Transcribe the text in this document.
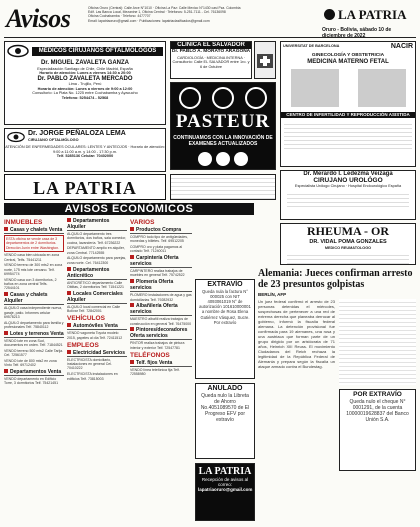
Avisos	Oficina Oruro (Central): Calle Arce N°1010 · Oficina La Paz: Calle Mexico N°1430 casi Pza. Colombia
Edif. Las Banca Local, Mezanine 1, Oficina Central · Telefonos: 5-251-7111 - Cel. 76136098
Oficina Cochabamba · Telefono: 4477707
Email: lapatriaoruro@gmail.com · Publicaciones: lapatriaclasificados@gmail.com	LA PATRIA
Oruro - Bolivia, sábado 10 de diciembre de 2022
MÉDICOS CIRUJANOS OFTALMÓLOGOS
Dr. MIGUEL ZAVALETA GANZA
Especialización Santiago de Chile, Chile Madrid, España
Horario de atención: Lunes a viernes 14:30 a 20:00
Dr. PABLO ZAVALETA MERCADO
Lima - Trujillo, Perú
Horario de atención: Lunes a viernes de 9:00 a 12:00
Consultorio: La Plata No. 1225 entre Cochabamba y Ayacucho
Telefono: 5254474 - 52568
Dr. JORGE PEÑALOZA LEMA
CIRUJANO OFTALMÓLOGO
ATENCIÓN DE ENFERMEDADES OCULARES: LENTES Y ANTEOJOS · Horario de atención: 9:00 a 11:00 a.m. y 14:00 - 17:30 p.m.
Telf. 5285136 Celular: 70402000
CLINICA EL SALVADOR
Dr. PABLO A. MORATO ARAGONA
CARDIOLOGÍA · MEDICINA INTERNA · Consultorio: Calle EL SALVADOR entre 1ro. y 6 de Octubre
PASTEUR
CONTINUAMOS CON LA INNOVACIÓN DE EXAMENES ACTUALIZADOS
UNIVERSITAT DE BARCELONA	NACIR
GINECOLOGÍA Y OBSTETRICIA
MEDICINA MATERNO FETAL
CENTRO DE INFERTILIDAD Y REPRODUCCIÓN ASISTIDA
Dr. Merardo I. Ledezma Veizaga
CIRUJANO UROLÓGO
Especialista Urólogo Cirujano · Hospital Endourológico España
RHEUMA - OR
DR. VIDAL POMA GONZALES
MEDICO REUMATOLOGO
LA PATRIA
AVISOS ECONÓMICOS
INMUEBLES
Casas y chalets Venta
ESTA oficina se vende casa de 3 departamentos de 2 dormitorios. Dirección Junin entre Washington.
VENDO casa bien ubicada en zona Central, Telfs. 75441211
VENDO terreno de 300 mts2 en zona norte, 175 mts lote cercano. Telf. 69954774
VENDO casa con 3 dormitorios, 2 baños en zona central Telfs. 72544101
Casas y chalets Alquiler
ALQUILO casa independiente nueva, garaje, patio. Informes celular 69578213
ALQUILO departamento para familia y profesionales Telf. 75840112
Lotes y terrenos Venta
VENDO lote en zona Sud, documentos en orden. Telf. 71844521
VENDO terreno 500 mts2 Calle Tarija. Cel. 72561577
VENDO lote de 800 mts2 en zona Vinto Telf. 69712402
Departamentos Venta
VENDO departamento en Edificio Torre, 3 dormitorios Telf. 75421451
Departamentos Alquiler
ALQUILO departamento tres dormitorios, dos baños, sala comedor, cocina, lavandería. Telf. 67236222
DEPARTAMENTO amplio en alquiler, zona Central. 77142555
ALQUILO departamento para parejas, zona norte. Cel. 76412300
Departamentos Anticrético
ANTICRÉTICO departamento Calle Oblitas, 2 dormitorios Telf. 71541221
Locales Comerciales Alquiler
ALQUILO local comercial en Calle Bolívar Telf. 72842001
VEHÍCULOS
Automóviles Venta
VENDO vagoneta Toyota modelo 2015, papeles al día Telf. 72411512
EMPLEOS
Electricidad Servicios
ELECTRICISTA domiciliario, instalaciones en general Cel. 70410222
ELECTRICISTA instalaciones en edificios Telf. 73815003
VARIOS
Productos Compra
COMPRO todo tipo de antigüedades, monedas y billetes. Telf. 69512205
COMPRO oro y plata pagamos al contado Telf. 71240011
Carpintería Oferta servicios
CARPINTERO realiza trabajos de muebles en general Telf. 75742522
Plomería Oferta servicios
PLOMERO instalaciones de agua y gas domiciliarias Telf. 79282932
Albañilería Oferta servicios
MAESTRO albañil realiza trabajos de construcción en general Telf. 76475000
Pintores/decoradores Oferta servicios
PINTOR realiza trabajos de pintura interior y exterior Telf. 72547781
TELÉFONOS
Telf. fijos Venta
VENDO línea telefónica fija Telf. 72558980
EXTRAVÍO
Queda nula la factura N° 000025 con NIT 4093061019 N° de autorización 101610000001 a nombre de Rosa Elena Gutiérrez Vásquez, Sucre. Por extravío
ANULADO
Queda nulo la Libreta de Ahorro No.4051089570 de El Progreso EFV por extravío
LA PATRIA
Recepción de avisos al correo:
lapatriaoruro@gmail.com
Alemania: Jueces confirman arresto de 23 presuntos golpistas
BERLÍN, AFP
Un juez federal confirmó el arresto de 23 personas detenidas el miércoles, sospechosas de pertenecer a una red de extrema derecha que planeaba derrocar al gobierno, informó la fiscalía federal alemana. La detención provisional fue confirmada para 19 alemanes, una rusa y una austriaca que forman parte de un grupo dirigido por un aristócrata de 71 años, Heinrich XIII Reuss. El movimiento Ciudadanos del Reich rechaza la legitimidad de la República Federal de Alemania y prepara según la fiscalía un ataque armado contra el Bundestag.
POR EXTRAVÍO
Queda nulo el cheque N° 0001291, de la cuenta 10000019628837 del Banco Unión S.A.
